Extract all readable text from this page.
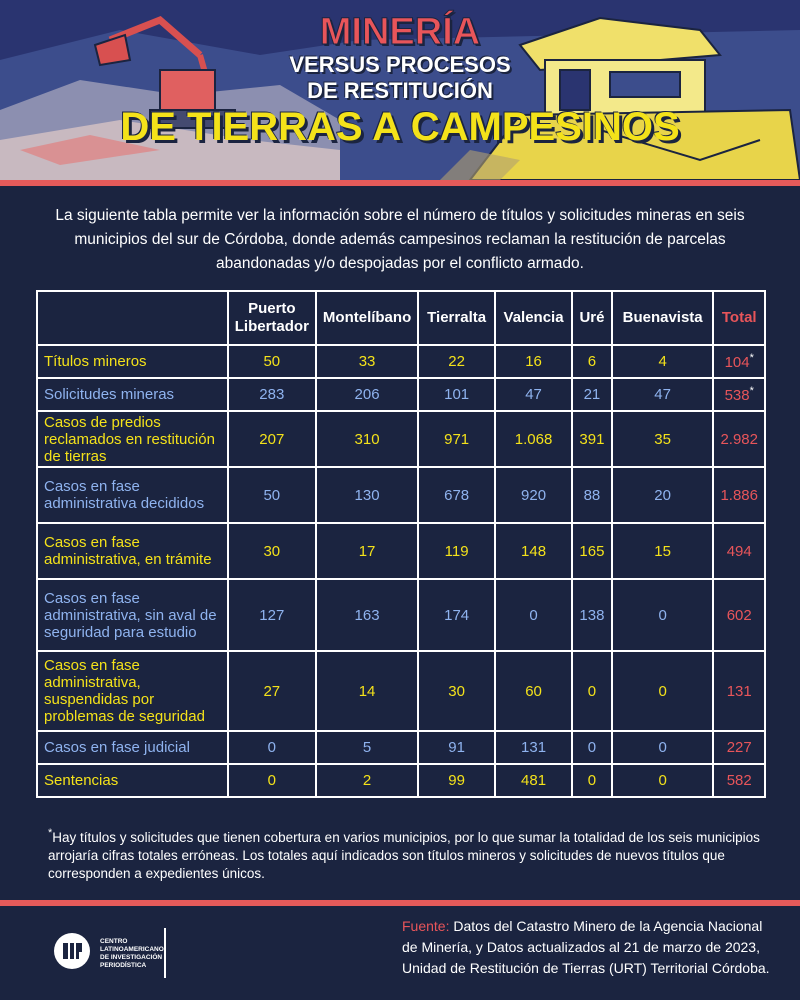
MINERÍA
VERSUS PROCESOS
DE RESTITUCIÓN
DE TIERRAS A CAMPESINOS
La siguiente tabla permite ver la información sobre el número de títulos y solicitudes mineras en seis municipios del sur de Córdoba, donde además campesinos reclaman la restitución de parcelas abandonadas y/o despojadas por el conflicto armado.
	Puerto Libertador	Montelíbano	Tierralta	Valencia	Uré	Buenavista	Total
Títulos mineros	50	33	22	16	6	4	104*
Solicitudes mineras	283	206	101	47	21	47	538*
Casos de predios reclamados en restitución de tierras	207	310	971	1.068	391	35	2.982
Casos en fase administrativa decididos	50	130	678	920	88	20	1.886
Casos en fase administrativa, en trámite	30	17	119	148	165	15	494
Casos en fase administrativa, sin aval de seguridad para estudio	127	163	174	0	138	0	602
Casos en fase administrativa, suspendidas por problemas de seguridad	27	14	30	60	0	0	131
Casos en fase judicial	0	5	91	131	0	0	227
Sentencias	0	2	99	481	0	0	582
*Hay títulos y solicitudes que tienen cobertura en varios municipios, por lo que sumar la totalidad de los seis municipios arrojaría cifras totales erróneas. Los totales aquí indicados son títulos mineros y solicitudes de nuevos títulos que corresponden a expedientes únicos.
CENTRO LATINOAMERICANO DE INVESTIGACIÓN PERIODÍSTICA
Fuente: Datos del Catastro Minero de la Agencia Nacional de Minería, y Datos actualizados al 21 de marzo de 2023, Unidad de Restitución de Tierras (URT) Territorial Córdoba.
